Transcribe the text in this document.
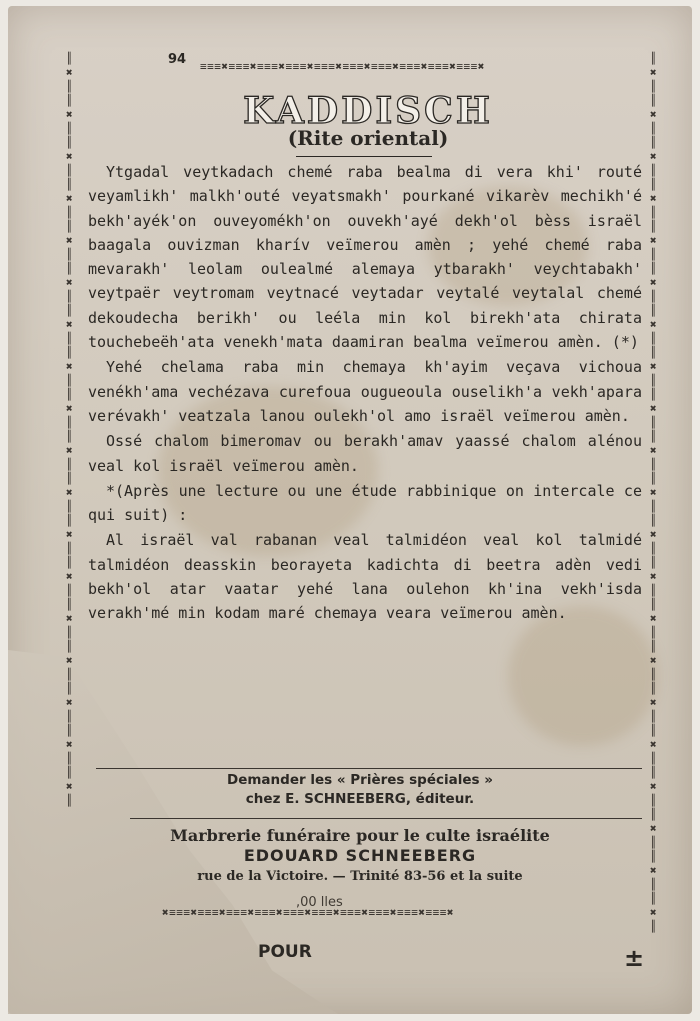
≡≡≡✖≡≡≡✖≡≡≡✖≡≡≡✖≡≡≡✖≡≡≡✖≡≡≡✖≡≡≡✖≡≡≡✖≡≡≡✖
✖≡≡≡✖≡≡≡✖≡≡≡✖≡≡≡✖≡≡≡✖≡≡≡✖≡≡≡✖≡≡≡✖≡≡≡✖≡≡≡✖
║✖║║✖║║✖║║✖║║✖║║✖║║✖║║✖║║✖║║✖║║✖║║✖║║✖║║✖║║✖║║✖║║✖║║✖║
║✖║║✖║║✖║║✖║║✖║║✖║║✖║║✖║║✖║║✖║║✖║║✖║║✖║║✖║║✖║║✖║║✖║║✖║║✖║║✖║║✖║
94
KADDISCH
(Rite oriental)

Ytgadal veytkadach chemé raba bealma di vera khi' routé veyamlikh' malkh'outé veyatsmakh' pourkané vikarèv mechikh'é bekh'ayék'on ouveyomékh'on ouvekh'ayé dekh'ol bèss israël baagala ouvizman kharív veïmerou amèn ; yehé chemé raba mevarakh' leolam oulealmé alemaya ytbarakh' veychtabakh' veytpaër veytromam veytnacé veytadar veytalé veytalal chemé dekoudecha berikh' ou leéla min kol birekh'ata chirata touchebeëh'ata venekh'mata daamiran bealma veïmerou amèn. (*)

Yehé chelama raba min chemaya kh'ayim veçava vichoua venékh'ama vechézava curefoua ougueoula ouselikh'a vekh'apara verévakh' veatzala lanou oulekh'ol amo israël veïmerou amèn.

Ossé chalom bimeromav ou berakh'amav yaassé chalom alénou veal kol israël veïmerou amèn.

*(Après une lecture ou une étude rabbinique on intercale ce qui suit) :

Al israël val rabanan veal talmidéon veal kol talmidé talmidéon deasskin beorayeta kadichta di beetra adèn vedi bekh'ol atar vaatar yehé lana oulehon kh'ina vekh'isda verakh'mé min kodam maré chemaya veara veïmerou amèn.

Demander les « Prières spéciales »
chez E. SCHNEEBERG, éditeur.
Marbrerie funéraire pour le culte israélite
EDOUARD SCHNEEBERG
rue de la Victoire. — Trinité 83-56 et la suite
,00 lles
POUR	±
